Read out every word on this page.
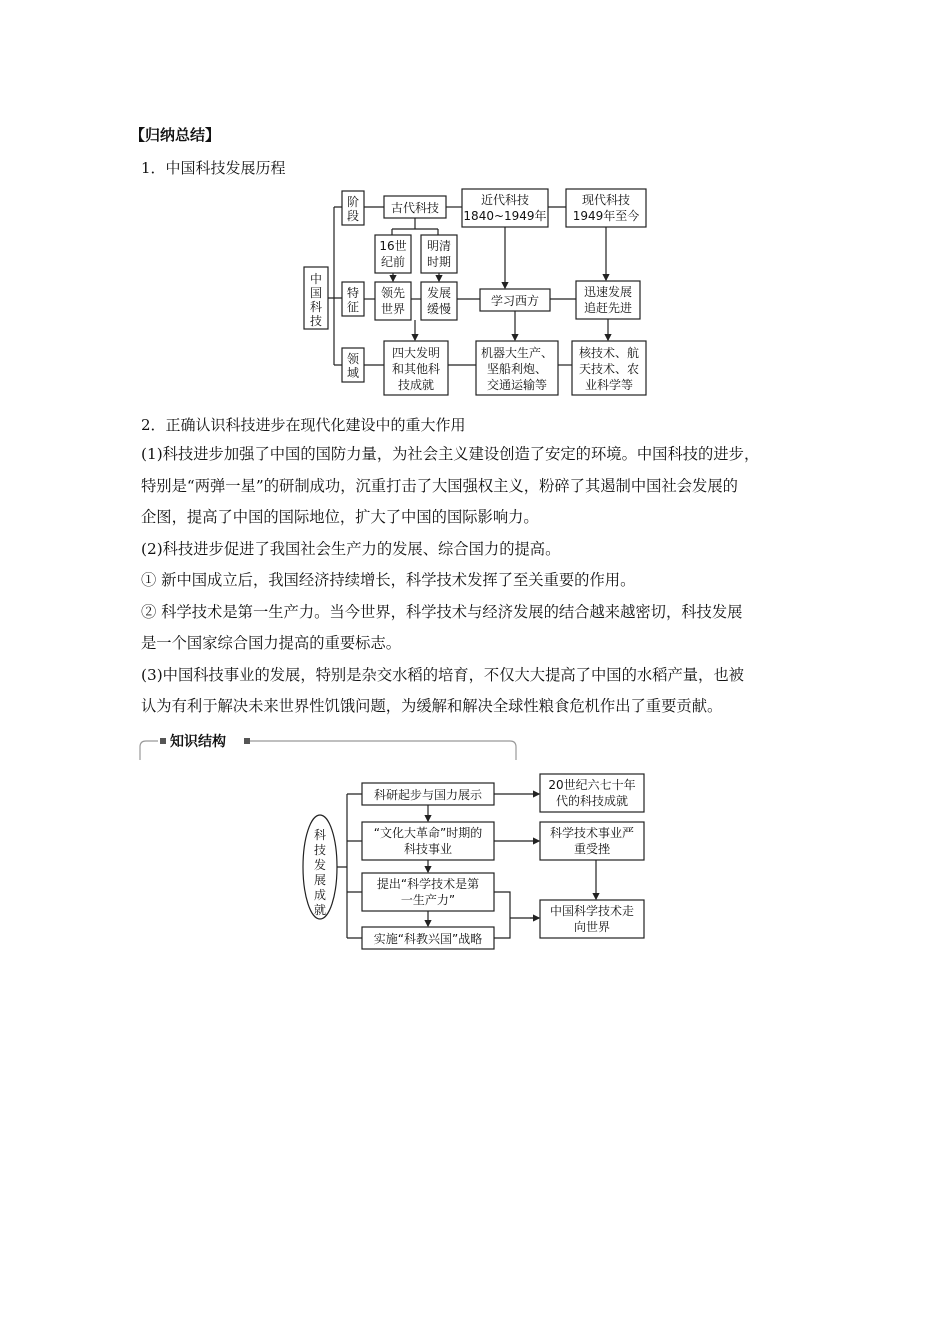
【归纳总结】
1．中国科技发展历程
中
国
科
技
阶
段
特
征
领
域
古代科技
近代科技
1840~1949年
现代科技
1949年至今
16世
纪前
明清
时期
领先
世界
发展
缓慢
学习西方
迅速发展
追赶先进
四大发明
和其他科
技成就
机器大生产、
坚船利炮、
交通运输等
核技术、航
天技术、农
业科学等
2．正确认识科技进步在现代化建设中的重大作用

(1)科技进步加强了中国的国防力量，为社会主义建设创造了安定的环境。中国科技的进步，

特别是“两弹一星”的研制成功，沉重打击了大国强权主义，粉碎了其遏制中国社会发展的

企图，提高了中国的国际地位，扩大了中国的国际影响力。

(2)科技进步促进了我国社会生产力的发展、综合国力的提高。

① 新中国成立后，我国经济持续增长，科学技术发挥了至关重要的作用。

② 科学技术是第一生产力。当今世界，科学技术与经济发展的结合越来越密切，科技发展

是一个国家综合国力提高的重要标志。

(3)中国科技事业的发展，特别是杂交水稻的培育，不仅大大提高了中国的水稻产量，也被

认为有利于解决未来世界性饥饿问题，为缓解和解决全球性粮食危机作出了重要贡献。

知识结构
科
技
发
展
成
就
科研起步与国力展示
“文化大革命”时期的
科技事业
提出“科学技术是第
一生产力”
实施“科教兴国”战略
20世纪六七十年
代的科技成就
科学技术事业严
重受挫
中国科学技术走
向世界
